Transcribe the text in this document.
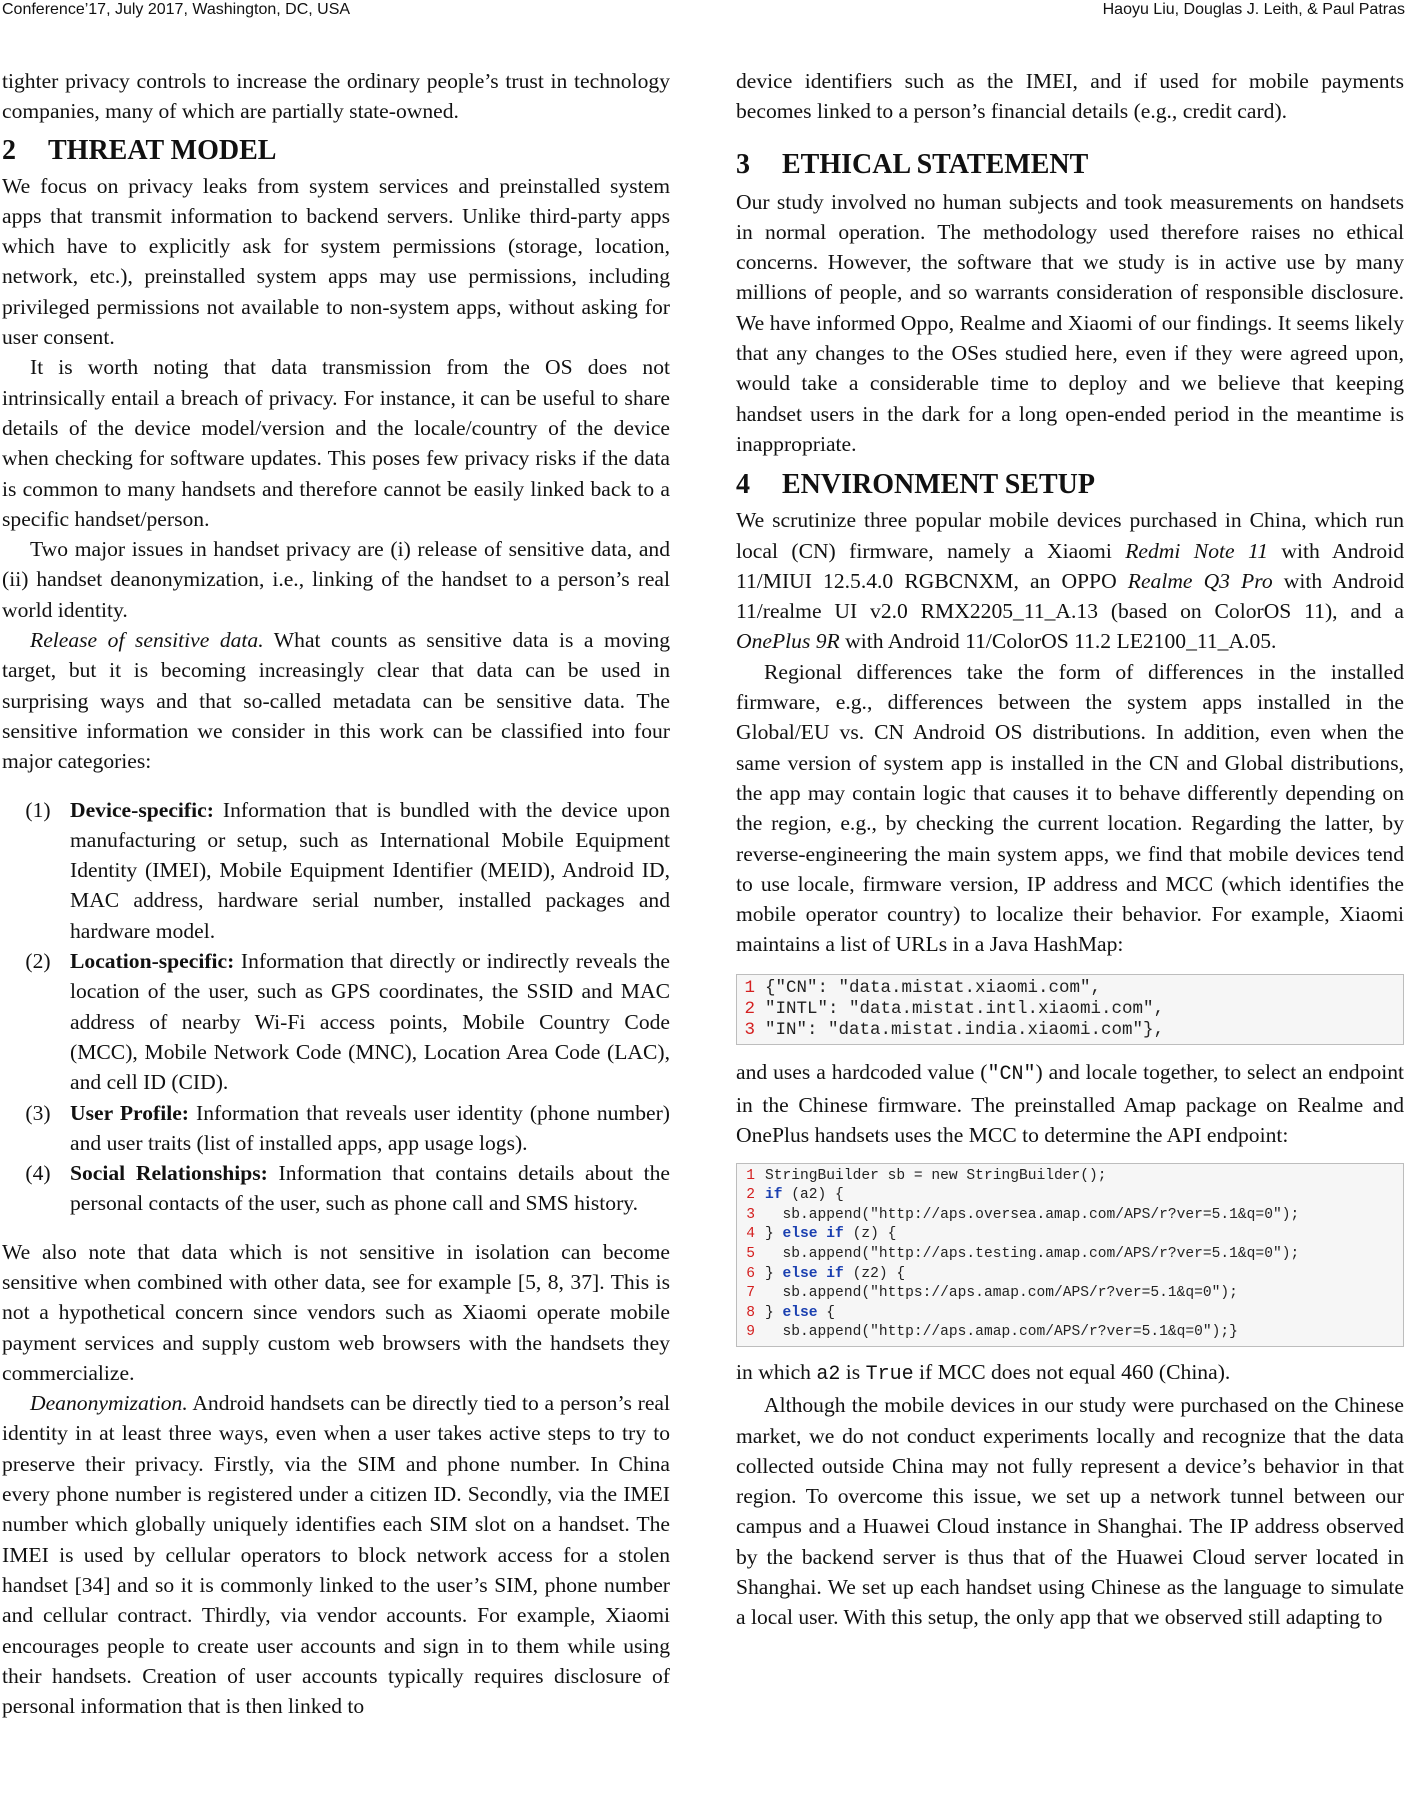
Conference’17, July 2017, Washington, DC, USA	Haoyu Liu, Douglas J. Leith, & Paul Patras

tighter privacy controls to increase the ordinary people’s trust in technology companies, many of which are partially state-owned.

2 THREAT MODEL

We focus on privacy leaks from system services and preinstalled system apps that transmit information to backend servers. Unlike third-party apps which have to explicitly ask for system permissions (storage, location, network, etc.), preinstalled system apps may use permissions, including privileged permissions not available to non-system apps, without asking for user consent.

It is worth noting that data transmission from the OS does not intrinsically entail a breach of privacy. For instance, it can be useful to share details of the device model/version and the locale/country of the device when checking for software updates. This poses few privacy risks if the data is common to many handsets and therefore cannot be easily linked back to a specific handset/person.

Two major issues in handset privacy are (i) release of sensitive data, and (ii) handset deanonymization, i.e., linking of the handset to a person’s real world identity.

Release of sensitive data. What counts as sensitive data is a moving target, but it is becoming increasingly clear that data can be used in surprising ways and that so-called metadata can be sensitive data. The sensitive information we consider in this work can be classified into four major categories:

(1) Device-specific: Information that is bundled with the device upon manufacturing or setup, such as International Mobile Equipment Identity (IMEI), Mobile Equipment Identifier (MEID), Android ID, MAC address, hardware serial number, installed packages and hardware model.
(2) Location-specific: Information that directly or indirectly reveals the location of the user, such as GPS coordinates, the SSID and MAC address of nearby Wi-Fi access points, Mobile Country Code (MCC), Mobile Network Code (MNC), Location Area Code (LAC), and cell ID (CID).
(3) User Profile: Information that reveals user identity (phone number) and user traits (list of installed apps, app usage logs).
(4) Social Relationships: Information that contains details about the personal contacts of the user, such as phone call and SMS history.

We also note that data which is not sensitive in isolation can become sensitive when combined with other data, see for example [5, 8, 37]. This is not a hypothetical concern since vendors such as Xiaomi operate mobile payment services and supply custom web browsers with the handsets they commercialize.

Deanonymization. Android handsets can be directly tied to a person’s real identity in at least three ways, even when a user takes active steps to try to preserve their privacy. Firstly, via the SIM and phone number. In China every phone number is registered under a citizen ID. Secondly, via the IMEI number which globally uniquely identifies each SIM slot on a handset. The IMEI is used by cellular operators to block network access for a stolen handset [34] and so it is commonly linked to the user’s SIM, phone number and cellular contract. Thirdly, via vendor accounts. For example, Xiaomi encourages people to create user accounts and sign in to them while using their handsets. Creation of user accounts typically requires disclosure of personal information that is then linked to

device identifiers such as the IMEI, and if used for mobile payments becomes linked to a person’s financial details (e.g., credit card).

3 ETHICAL STATEMENT

Our study involved no human subjects and took measurements on handsets in normal operation. The methodology used therefore raises no ethical concerns. However, the software that we study is in active use by many millions of people, and so warrants consideration of responsible disclosure. We have informed Oppo, Realme and Xiaomi of our findings. It seems likely that any changes to the OSes studied here, even if they were agreed upon, would take a considerable time to deploy and we believe that keeping handset users in the dark for a long open-ended period in the meantime is inappropriate.

4 ENVIRONMENT SETUP

We scrutinize three popular mobile devices purchased in China, which run local (CN) firmware, namely a Xiaomi Redmi Note 11 with Android 11/MIUI 12.5.4.0 RGBCNXM, an OPPO Realme Q3 Pro with Android 11/realme UI v2.0 RMX2205_11_A.13 (based on ColorOS 11), and a OnePlus 9R with Android 11/ColorOS 11.2 LE2100_11_A.05.

Regional differences take the form of differences in the installed firmware, e.g., differences between the system apps installed in the Global/EU vs. CN Android OS distributions. In addition, even when the same version of system app is installed in the CN and Global distributions, the app may contain logic that causes it to behave differently depending on the region, e.g., by checking the current location. Regarding the latter, by reverse-engineering the main system apps, we find that mobile devices tend to use locale, firmware version, IP address and MCC (which identifies the mobile operator country) to localize their behavior. For example, Xiaomi maintains a list of URLs in a Java HashMap:

1 {"CN": "data.mistat.xiaomi.com",
2 "INTL": "data.mistat.intl.xiaomi.com",
3 "IN": "data.mistat.india.xiaomi.com"},

and uses a hardcoded value ("CN") and locale together, to select an endpoint in the Chinese firmware. The preinstalled Amap package on Realme and OnePlus handsets uses the MCC to determine the API endpoint:

1 StringBuilder sb = new StringBuilder();
2 if (a2) {
3	sb.append("http://aps.oversea.amap.com/APS/r?ver=5.1&q=0");
4 } else if (z) {
5	sb.append("http://aps.testing.amap.com/APS/r?ver=5.1&q=0");
6 } else if (z2) {
7	sb.append("https://aps.amap.com/APS/r?ver=5.1&q=0");
8 } else {
9	sb.append("http://aps.amap.com/APS/r?ver=5.1&q=0");}

in which a2 is True if MCC does not equal 460 (China).

Although the mobile devices in our study were purchased on the Chinese market, we do not conduct experiments locally and recognize that the data collected outside China may not fully represent a device’s behavior in that region. To overcome this issue, we set up a network tunnel between our campus and a Huawei Cloud instance in Shanghai. The IP address observed by the backend server is thus that of the Huawei Cloud server located in Shanghai. We set up each handset using Chinese as the language to simulate a local user. With this setup, the only app that we observed still adapting to
